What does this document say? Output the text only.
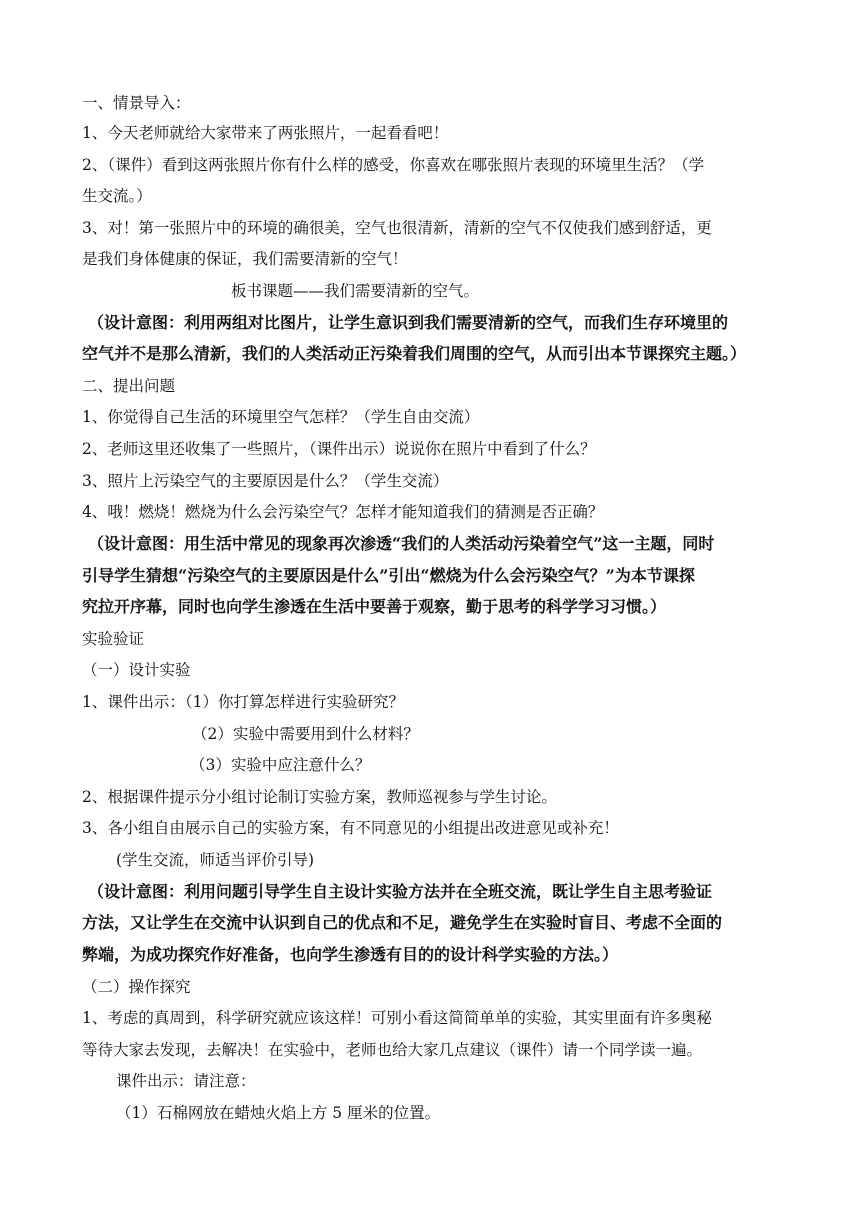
一、情景导入：
1、今天老师就给大家带来了两张照片，一起看看吧！
2、（课件）看到这两张照片你有什么样的感受，你喜欢在哪张照片表现的环境里生活？（学
生交流。）
3、对！第一张照片中的环境的确很美，空气也很清新，清新的空气不仅使我们感到舒适，更
是我们身体健康的保证，我们需要清新的空气！
板书课题——我们需要清新的空气。
（设计意图：利用两组对比图片，让学生意识到我们需要清新的空气，而我们生存环境里的
空气并不是那么清新，我们的人类活动正污染着我们周围的空气，从而引出本节课探究主题。）
二、提出问题
1、你觉得自己生活的环境里空气怎样？（学生自由交流）
2、老师这里还收集了一些照片，（课件出示）说说你在照片中看到了什么？
3、照片上污染空气的主要原因是什么？（学生交流）
4、哦！燃烧！燃烧为什么会污染空气？怎样才能知道我们的猜测是否正确？
（设计意图：用生活中常见的现象再次渗透“我们的人类活动污染着空气”这一主题，同时
引导学生猜想“污染空气的主要原因是什么”引出“燃烧为什么会污染空气？”为本节课探
究拉开序幕，同时也向学生渗透在生活中要善于观察，勤于思考的科学学习习惯。）
实验验证
（一）设计实验
1、课件出示：（1）你打算怎样进行实验研究？
（2）实验中需要用到什么材料？
（3）实验中应注意什么？
2、根据课件提示分小组讨论制订实验方案，教师巡视参与学生讨论。
3、各小组自由展示自己的实验方案，有不同意见的小组提出改进意见或补充！
(学生交流，师适当评价引导)
（设计意图：利用问题引导学生自主设计实验方法并在全班交流，既让学生自主思考验证
方法，又让学生在交流中认识到自己的优点和不足，避免学生在实验时盲目、考虑不全面的
弊端，为成功探究作好准备，也向学生渗透有目的的设计科学实验的方法。）
（二）操作探究
1、考虑的真周到，科学研究就应该这样！可别小看这简简单单的实验，其实里面有许多奥秘
等待大家去发现，去解决！在实验中，老师也给大家几点建议（课件）请一个同学读一遍。
课件出示：请注意：
（1）石棉网放在蜡烛火焰上方 5 厘米的位置。
